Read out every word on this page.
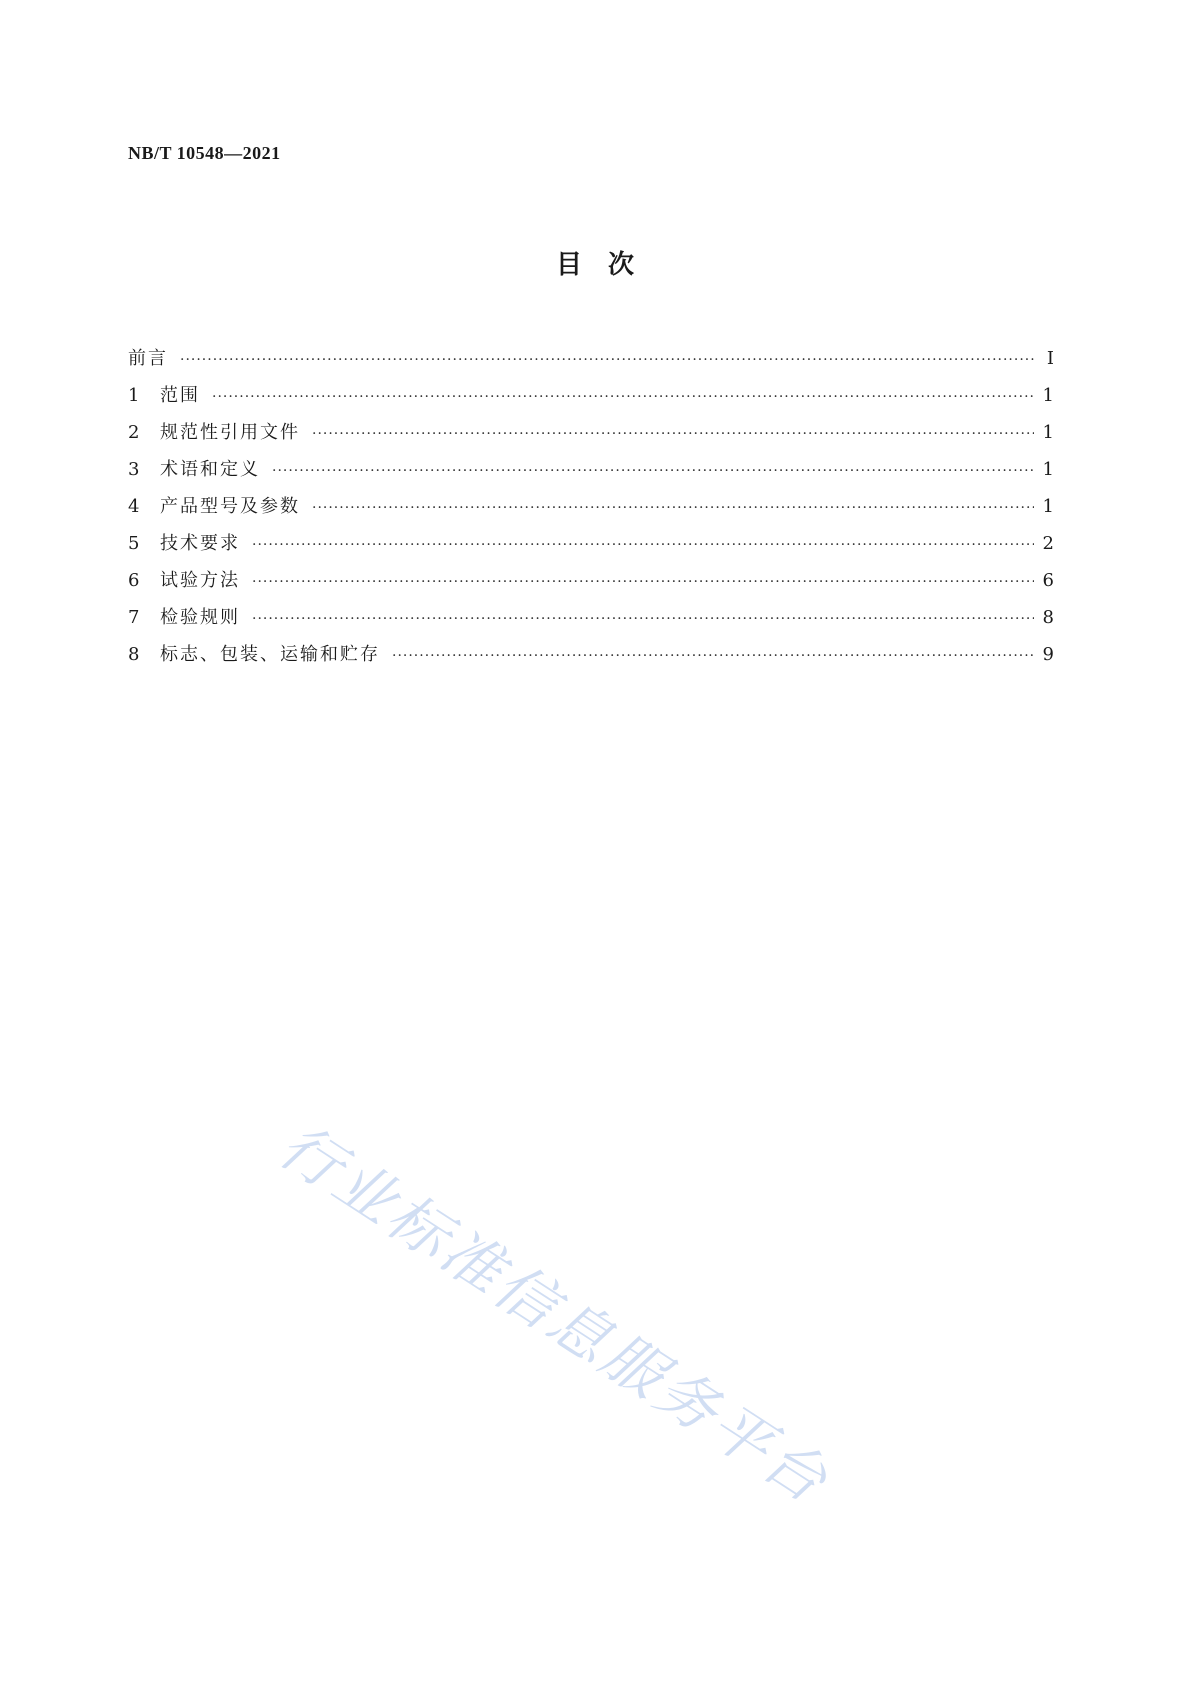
NB/T 10548—2021
目　次
前言 ·····	Ⅰ
1	范围 ·····	1
2	规范性引用文件 ·····	1
3	术语和定义 ·····	1
4	产品型号及参数 ·····	1
5	技术要求 ·····	2
6	试验方法 ·····	6
7	检验规则 ·····	8
8	标志、包装、运输和贮存 ·····	9
行业标准信息服务平台
